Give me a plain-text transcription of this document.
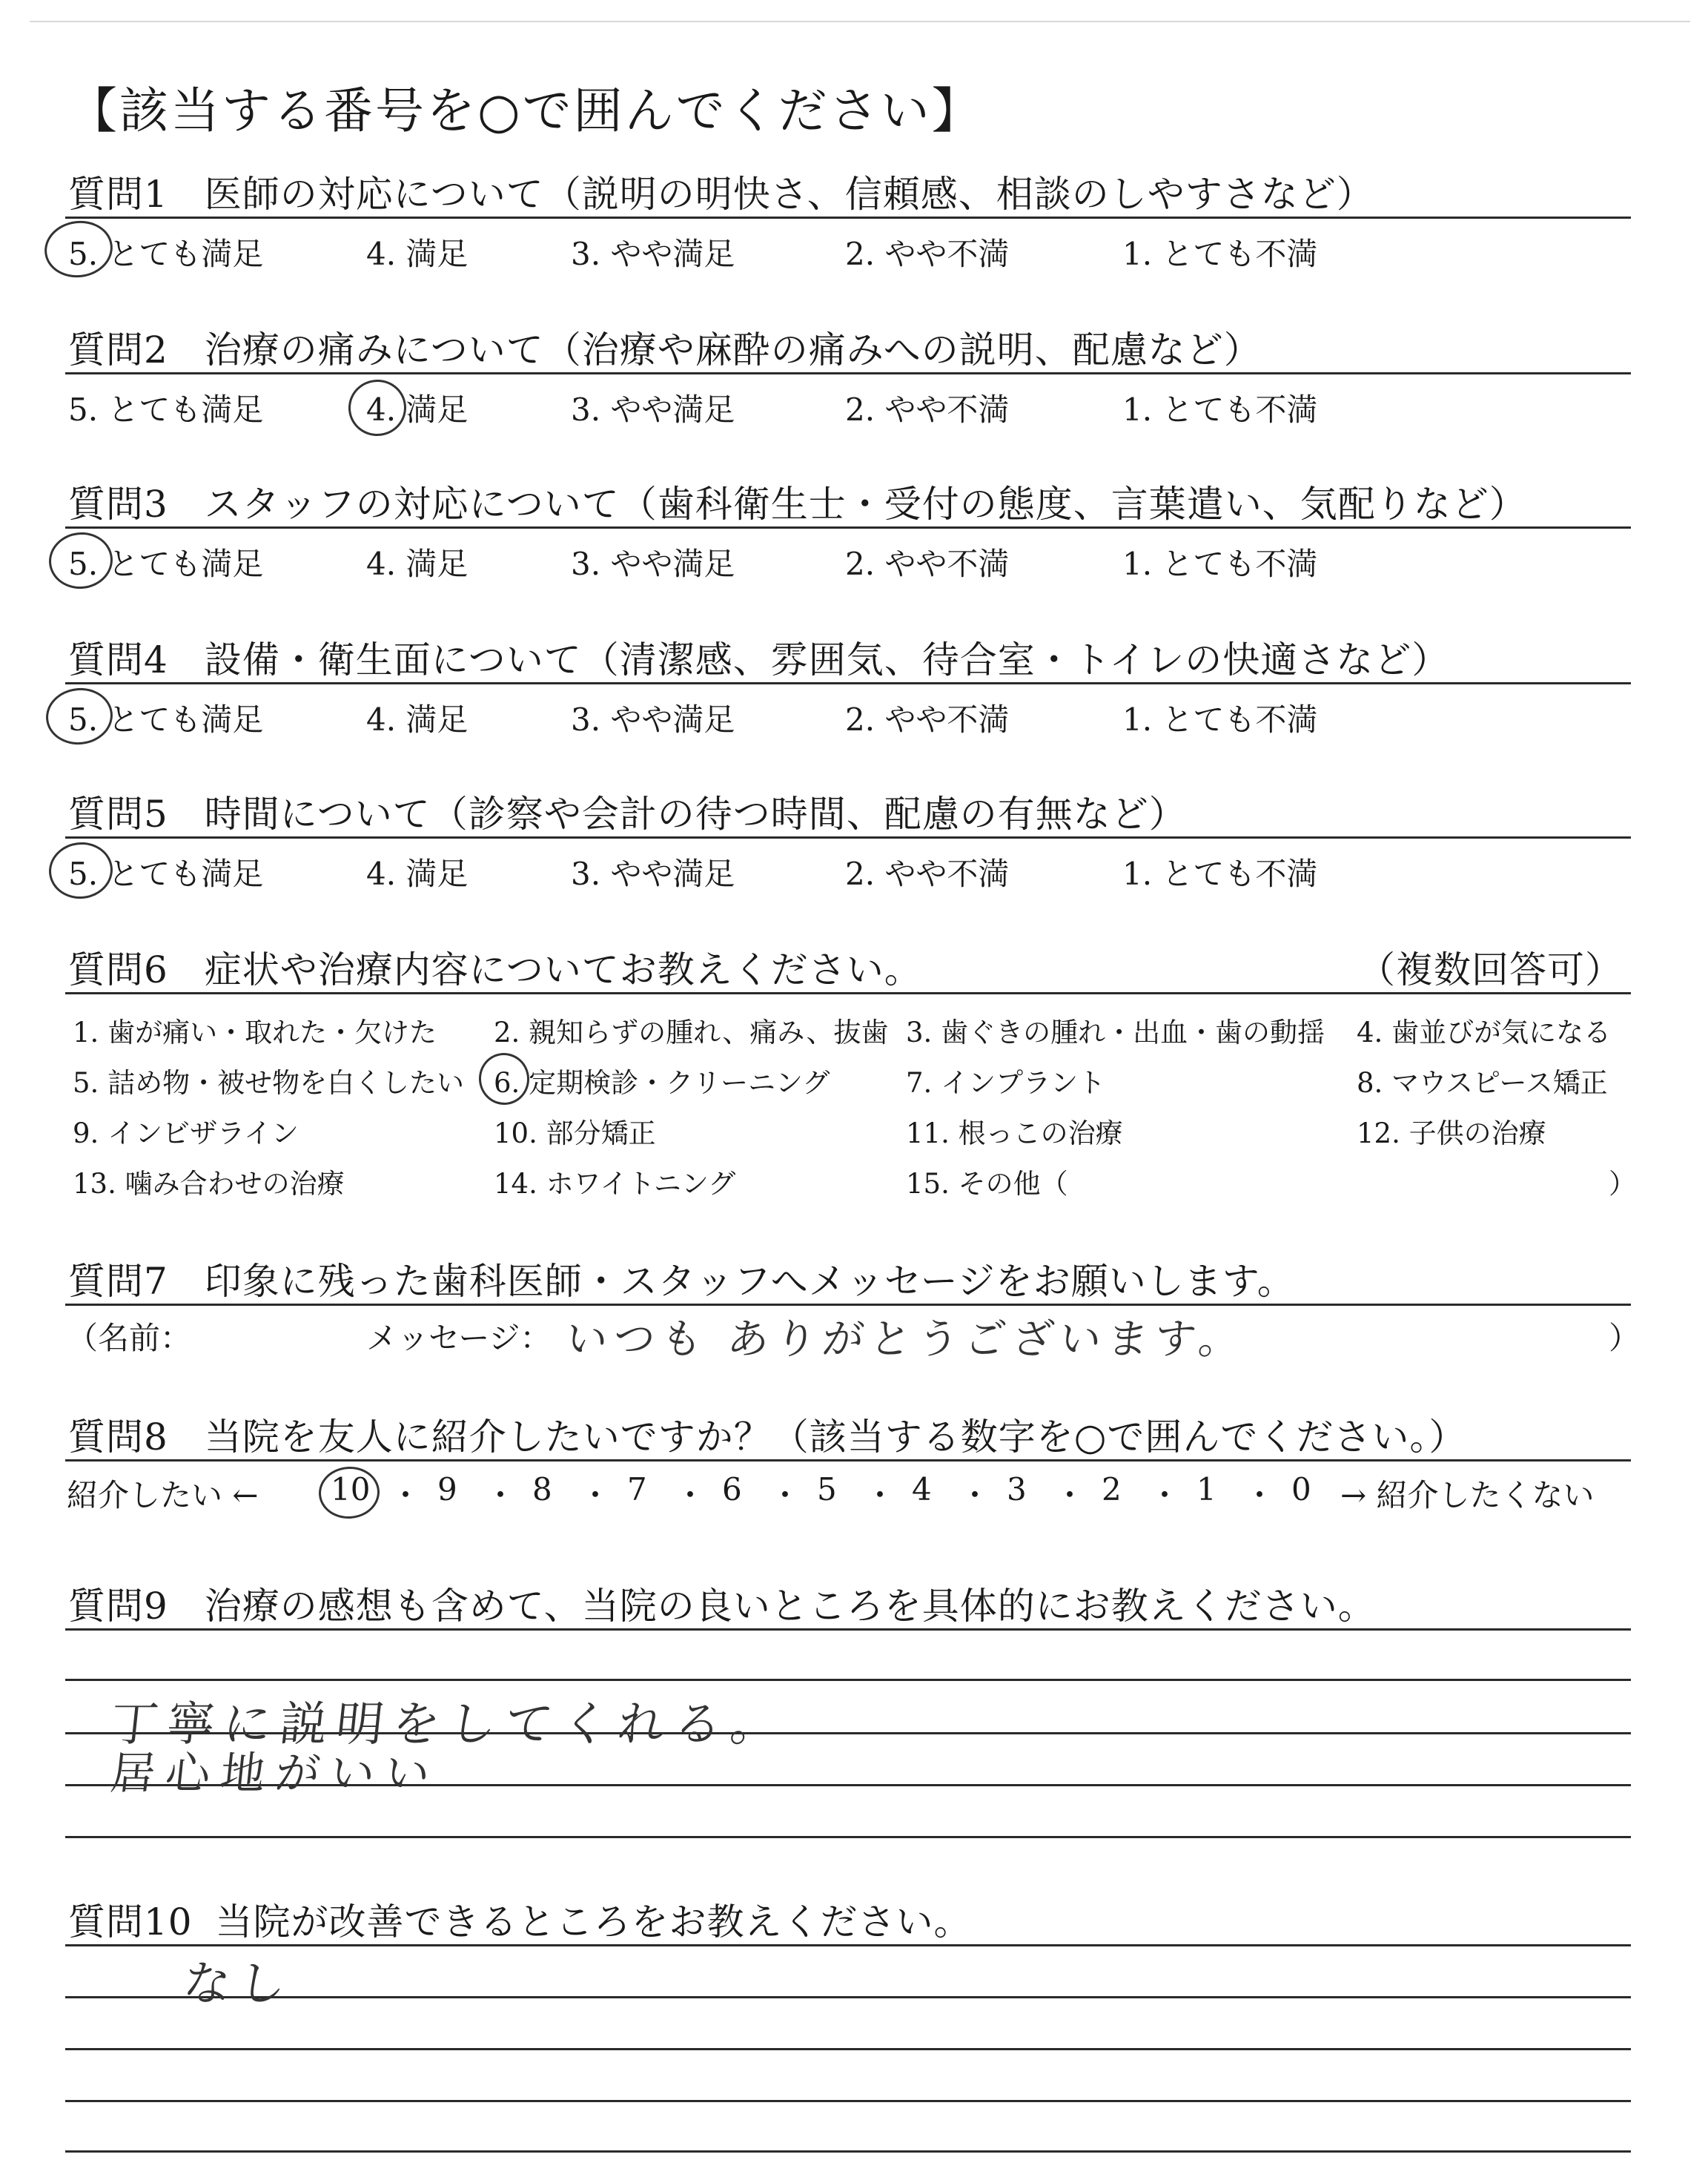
【該当する番号を○で囲んでください】
質問1 医師の対応について（説明の明快さ、信頼感、相談のしやすさなど）
5. とても満足	4. 満足	3. やや満足	2. やや不満	1. とても不満
質問2 治療の痛みについて（治療や麻酔の痛みへの説明、配慮など）
5. とても満足	4. 満足	3. やや満足	2. やや不満	1. とても不満
質問3 スタッフの対応について（歯科衛生士・受付の態度、言葉遣い、気配りなど）
5. とても満足	4. 満足	3. やや満足	2. やや不満	1. とても不満
質問4 設備・衛生面について（清潔感、雰囲気、待合室・トイレの快適さなど）
5. とても満足	4. 満足	3. やや満足	2. やや不満	1. とても不満
質問5 時間について（診察や会計の待つ時間、配慮の有無など）
5. とても満足	4. 満足	3. やや満足	2. やや不満	1. とても不満
質問6 症状や治療内容についてお教えください。	（複数回答可）
1. 歯が痛い・取れた・欠けた 2. 親知らずの腫れ、痛み、抜歯 3. 歯ぐきの腫れ・出血・歯の動揺 4. 歯並びが気になる
5. 詰め物・被せ物を白くしたい 6. 定期検診・クリーニング	7. インプラント	8. マウスピース矯正
9. インビザライン	10. 部分矯正	11. 根っこの治療	12. 子供の治療
13. 噛み合わせの治療	14. ホワイトニング	15. その他（	）
質問7 印象に残った歯科医師・スタッフへメッセージをお願いします。
（名前：	メッセージ： いつも ありがとうございます。	）
質問8 当院を友人に紹介したいですか？（該当する数字を○で囲んでください。）
紹介したい ← 10 ・ 9 ・ 8 ・ 7 ・ 6 ・ 5 ・ 4 ・ 3 ・ 2 ・ 1 ・ 0 → 紹介したくない
質問9 治療の感想も含めて、当院の良いところを具体的にお教えください。
丁寧に説明をしてくれる。
居心地がいい
質問10 当院が改善できるところをお教えください。
なし
